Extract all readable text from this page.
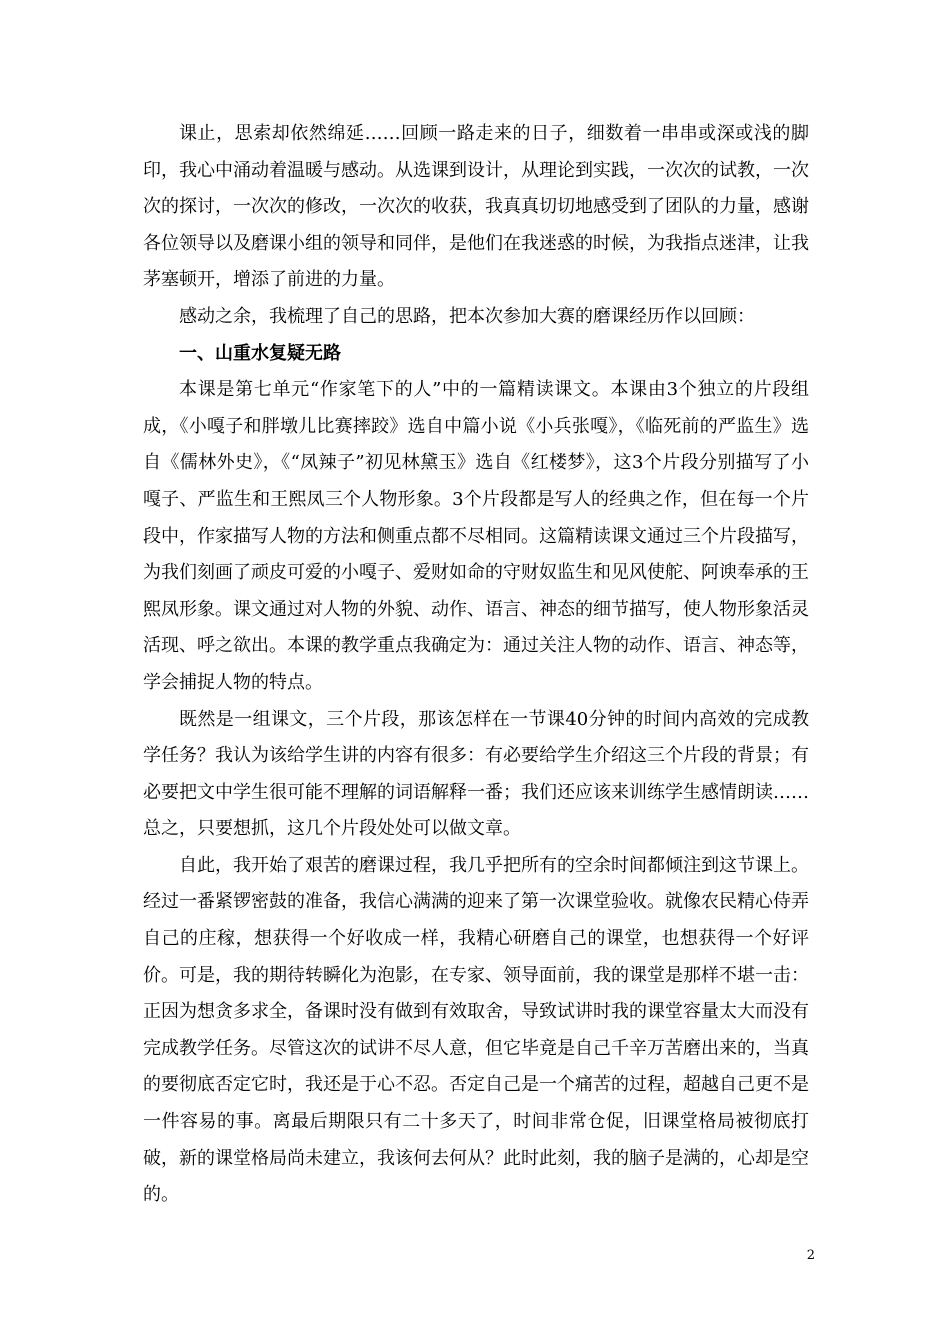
课止，思索却依然绵延……回顾一路走来的日子，细数着一串串或深或浅的脚印，我心中涌动着温暖与感动。从选课到设计，从理论到实践，一次次的试教，一次次的探讨，一次次的修改，一次次的收获，我真真切切地感受到了团队的力量，感谢各位领导以及磨课小组的领导和同伴，是他们在我迷惑的时候，为我指点迷津，让我茅塞顿开，增添了前进的力量。

感动之余，我梳理了自己的思路，把本次参加大赛的磨课经历作以回顾：

一、山重水复疑无路

本课是第七单元“作家笔下的人”中的一篇精读课文。本课由3个独立的片段组成，《小嘎子和胖墩儿比赛摔跤》选自中篇小说《小兵张嘎》，《临死前的严监生》选自《儒林外史》，《“凤辣子”初见林黛玉》选自《红楼梦》，这3个片段分别描写了小嘎子、严监生和王熙凤三个人物形象。3个片段都是写人的经典之作，但在每一个片段中，作家描写人物的方法和侧重点都不尽相同。这篇精读课文通过三个片段描写，为我们刻画了顽皮可爱的小嘎子、爱财如命的守财奴监生和见风使舵、阿谀奉承的王熙凤形象。课文通过对人物的外貌、动作、语言、神态的细节描写，使人物形象活灵活现、呼之欲出。本课的教学重点我确定为：通过关注人物的动作、语言、神态等，学会捕捉人物的特点。

既然是一组课文，三个片段，那该怎样在一节课40分钟的时间内高效的完成教学任务？我认为该给学生讲的内容有很多：有必要给学生介绍这三个片段的背景；有必要把文中学生很可能不理解的词语解释一番；我们还应该来训练学生感情朗读……总之，只要想抓，这几个片段处处可以做文章。

自此，我开始了艰苦的磨课过程，我几乎把所有的空余时间都倾注到这节课上。经过一番紧锣密鼓的准备，我信心满满的迎来了第一次课堂验收。就像农民精心侍弄自己的庄稼，想获得一个好收成一样，我精心研磨自己的课堂，也想获得一个好评价。可是，我的期待转瞬化为泡影，在专家、领导面前，我的课堂是那样不堪一击：正因为想贪多求全，备课时没有做到有效取舍，导致试讲时我的课堂容量太大而没有完成教学任务。尽管这次的试讲不尽人意，但它毕竟是自己千辛万苦磨出来的，当真的要彻底否定它时，我还是于心不忍。否定自己是一个痛苦的过程，超越自己更不是一件容易的事。离最后期限只有二十多天了，时间非常仓促，旧课堂格局被彻底打破，新的课堂格局尚未建立，我该何去何从？此时此刻，我的脑子是满的，心却是空的。

2
